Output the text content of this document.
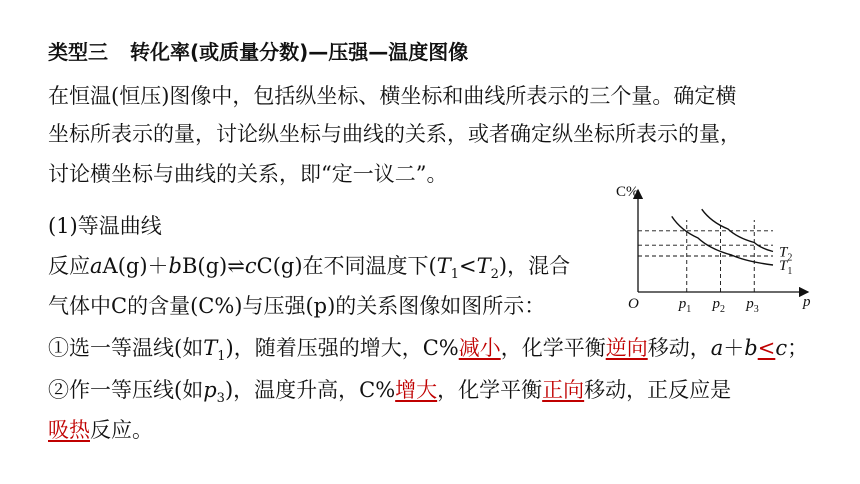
类型三 转化率(或质量分数)—压强—温度图像
在恒温(恒压)图像中，包括纵坐标、横坐标和曲线所表示的三个量。确定横
坐标所表示的量，讨论纵坐标与曲线的关系，或者确定纵坐标所表示的量，
讨论横坐标与曲线的关系，即“定一议二”。
(1)等温曲线
反应aA(g)＋bB(g)⇌cC(g)在不同温度下$(T_1<T_2)$，混合
气体中C的含量(C%)与压强(p)的关系图像如图所示：
①选一等温线(如$T_1$)，随着压强的增大，C%减小，化学平衡逆向移动，a＋b<c；
②作一等压线(如$p_3$)，温度升高，C%增大，化学平衡正向移动，正反应是
吸热反应。
C%
p
O
$T_2$
$T_1$
$p_1$ $p_2$ $p_3$
